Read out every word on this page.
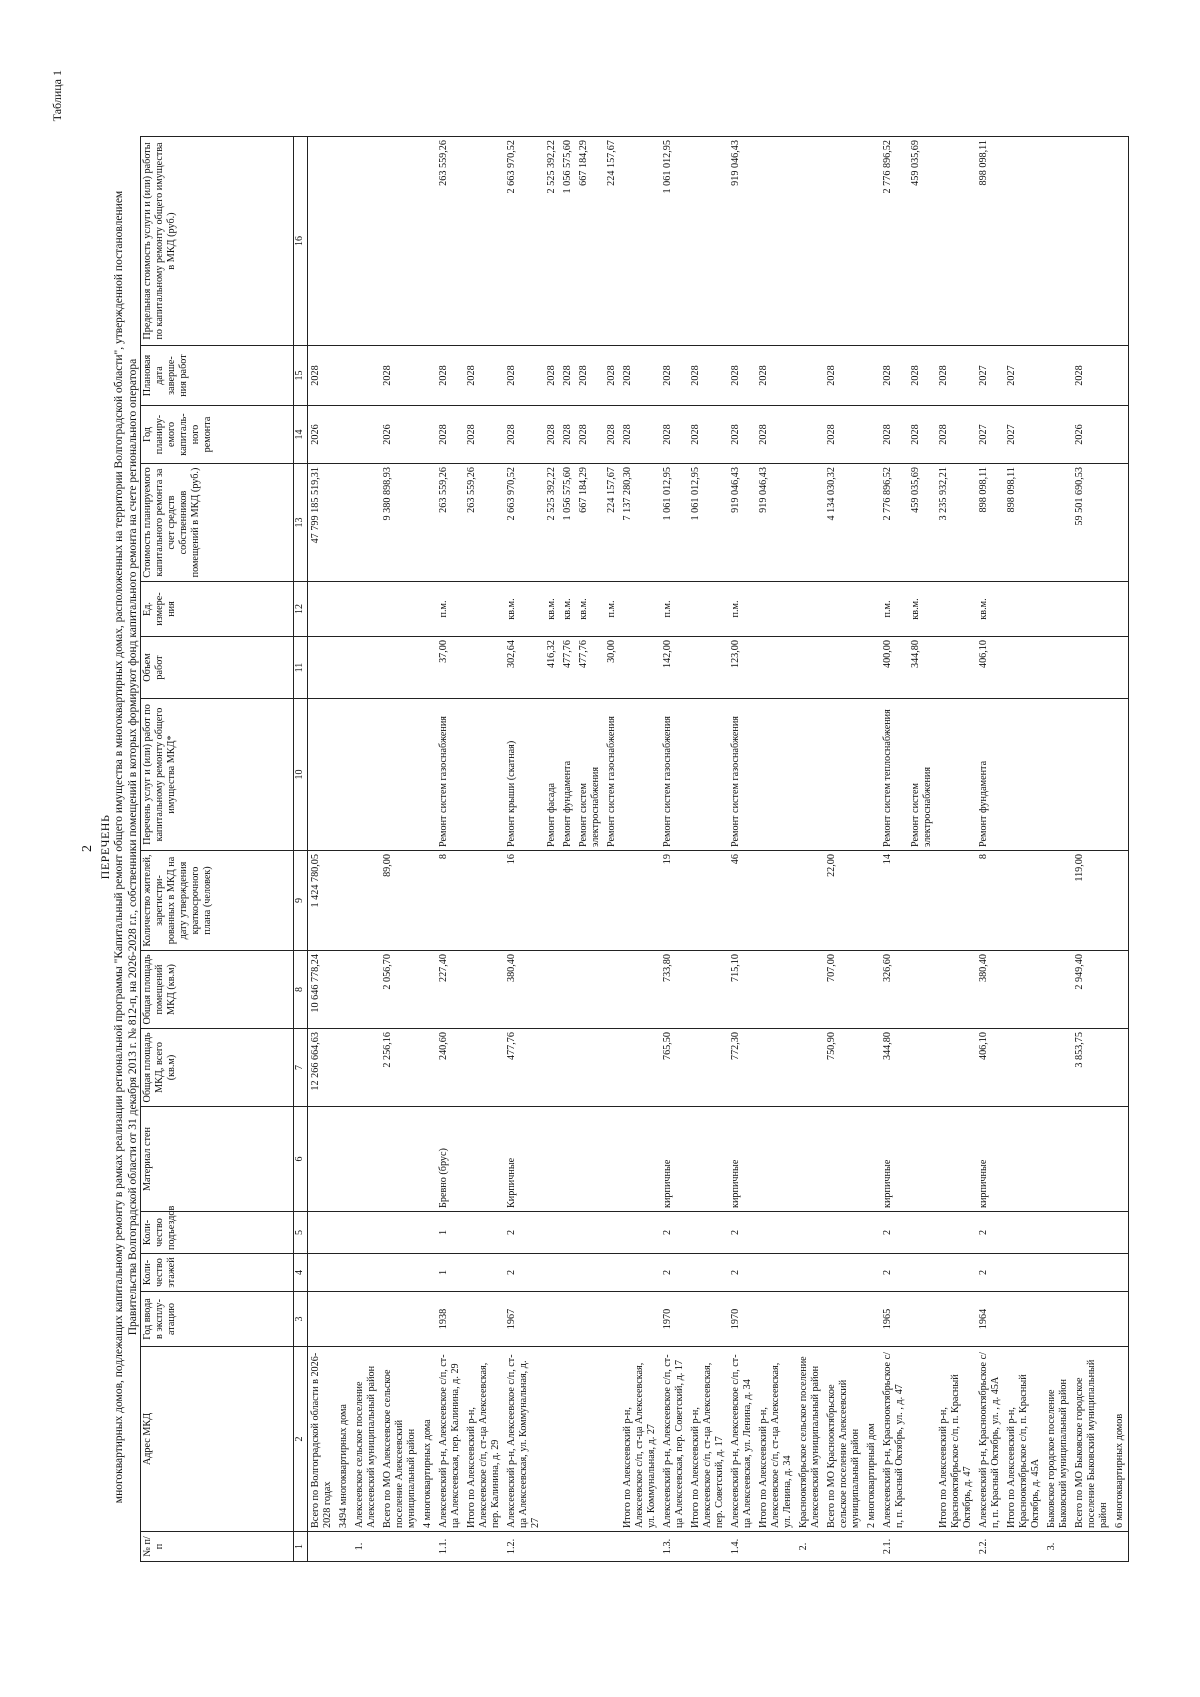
2
Таблица 1
ПЕРЕЧЕНЬ многоквартирных домов, подлежащих капитальному ремонту в рамках реализации региональной программы "Капитальный ремонт общего имущества в многоквартирных домах, расположенных на территории Волгоградской области", утвержденной постановлением Правительства Волгоградской области от 31 декабря 2013 г. № 812-п, на 2026-2028 г.г., собственники помещений в которых формируют фонд капитального ремонта на счете регионального оператора
№ п/п	Адрес МКД	Год ввода в эксплу-атацию	Коли-чество этажей	Коли-чество подъездов	Материал стен	Общая площадь МКД, всего (кв.м)	Общая площадь помещений МКД (кв.м)	Количество жителей, зарегистри-рованных в МКД на дату утверждения краткосрочного плана (человек)	Перечень услуг и (или) работ по капитальному ремонту общего имущества МКД*	Объем работ	Ед. измере-ния	Стоимость планируемого капитального ремонта за счет средств собственников помещений в МКД (руб.)	Год планиру-емого капиталь-ного ремонта	Плановая дата заверше-ния работ	Предельная стоимость услуги и (или) работы по капитальному ремонту общего имущества в МКД (руб.)
1	2	3	4	5	6	7	8	9	10	11	12	13	14	15	16
	Всего по Волгоградской области в 2026-2028 годах					12 266 664,63	10 646 778,24	1 424 780,05				47 799 185 519,31	2026	2028	
	3494 многоквартирных дома														
1.	Алексеевское сельское поселение Алексеевский муниципальный район														
	Всего по МО Алексеевское сельское поселение Алексеевский муниципальный район					2 256,16	2 056,70	89,00				9 380 898,93	2026	2028	
	4 многоквартирных дома														
1.1.	Алексеевский р-н, Алексеевское с/п, ст-ца Алексеевская, пер. Калинина, д. 29	1938	1	1	Бревно (брус)	240,60	227,40	8	Ремонт систем газоснабжения	37,00	п.м.	263 559,26	2028	2028	263 559,26
	Итого по Алексеевский р-н, Алексеевское с/п, ст-ца Алексеевская, пер. Калинина, д. 29											263 559,26	2028	2028	
1.2.	Алексеевский р-н, Алексеевское с/п, ст-ца Алексеевская, ул. Коммунальная, д. 27	1967	2	2	Кирпичные	477,76	380,40	16	Ремонт крыши (скатная)	302,64	кв.м.	2 663 970,52	2028	2028	2 663 970,52
									Ремонт фасада	416,32	кв.м.	2 525 392,22	2028	2028	2 525 392,22
									Ремонт фундамента	477,76	кв.м.	1 056 575,60	2028	2028	1 056 575,60
									Ремонт систем электроснабжения	477,76	кв.м.	667 184,29	2028	2028	667 184,29
									Ремонт систем газоснабжения	30,00	п.м.	224 157,67	2028	2028	224 157,67
	Итого по Алексеевский р-н, Алексеевское с/п, ст-ца Алексеевская, ул. Коммунальная, д. 27											7 137 280,30	2028	2028	
1.3.	Алексеевский р-н, Алексеевское с/п, ст-ца Алексеевская, пер. Советский, д. 17	1970	2	2	кирпичные	765,50	733,80	19	Ремонт систем газоснабжения	142,00	п.м.	1 061 012,95	2028	2028	1 061 012,95
	Итого по Алексеевский р-н, Алексеевское с/п, ст-ца Алексеевская, пер. Советский, д. 17											1 061 012,95	2028	2028	
1.4.	Алексеевский р-н, Алексеевское с/п, ст-ца Алексеевская, ул. Ленина, д. 34	1970	2	2	кирпичные	772,30	715,10	46	Ремонт систем газоснабжения	123,00	п.м.	919 046,43	2028	2028	919 046,43
	Итого по Алексеевский р-н, Алексеевское с/п, ст-ца Алексеевская, ул. Ленина, д. 34											919 046,43	2028	2028	
2.	Краснооктябрьское сельское поселение Алексеевский муниципальный район														
	Всего по МО Краснооктябрьское сельское поселение Алексеевский муниципальный район					750,90	707,00	22,00				4 134 030,32	2028	2028	
	2 многоквартирный дом														
2.1.	Алексеевский р-н, Краснооктябрьское с/п, п. Красный Октябрь, ул. , д. 47	1965	2	2	кирпичные	344,80	326,60	14	Ремонт систем теплоснабжения	400,00	п.м.	2 776 896,52	2028	2028	2 776 896,52
									Ремонт систем электроснабжения	344,80	кв.м.	459 035,69	2028	2028	459 035,69
	Итого по Алексеевский р-н, Краснооктябрьское с/п, п. Красный Октябрь, д. 47											3 235 932,21	2028	2028	
2.2.	Алексеевский р-н, Краснооктябрьское с/п, п. Красный Октябрь, ул. , д. 45А	1964	2	2	кирпичные	406,10	380,40	8	Ремонт фундамента	406,10	кв.м.	898 098,11	2027	2027	898 098,11
	Итого по Алексеевский р-н, Краснооктябрьское с/п, п. Красный Октябрь, д. 45А											898 098,11	2027	2027	
3.	Быковское городское поселение Быковский муниципальный район														
	Всего по МО Быковское городское поселение Быковский муниципальный район					3 853,75	2 949,40	119,00				59 501 690,53	2026	2028	
	6 многоквартирных домов														
